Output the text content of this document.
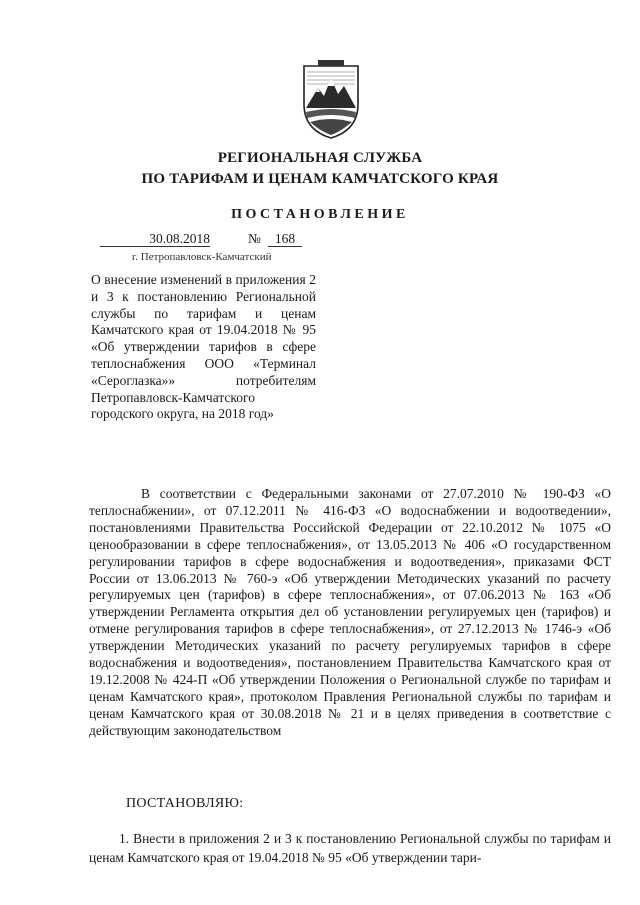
РЕГИОНАЛЬНАЯ СЛУЖБА
ПО ТАРИФАМ И ЦЕНАМ КАМЧАТСКОГО КРАЯ
ПОСТАНОВЛЕНИЕ
30.08.2018	№	168
г. Петропавловск-Камчатский
О внесение изменений в приложения 2 и 3 к постановлению Региональной службы по тарифам и ценам Камчатского края от 19.04.2018 № 95 «Об утверждении тарифов в сфере теплоснабжения ООО «Терминал «Сероглазка»» потребителям Петропавловск-Камчатского городского округа, на 2018 год»
В соответствии с Федеральными законами от 27.07.2010 № 190-ФЗ «О теплоснабжении», от 07.12.2011 № 416-ФЗ «О водоснабжении и водоотведении», постановлениями Правительства Российской Федерации от 22.10.2012 № 1075 «О ценообразовании в сфере теплоснабжения», от 13.05.2013 № 406 «О государственном регулировании тарифов в сфере водоснабжения и водоотведения», приказами ФСТ России от 13.06.2013 № 760-э «Об утверждении Методических указаний по расчету регулируемых цен (тарифов) в сфере теплоснабжения», от 07.06.2013 № 163 «Об утверждении Регламента открытия дел об установлении регулируемых цен (тарифов) и отмене регулирования тарифов в сфере теплоснабжения», от 27.12.2013 № 1746-э «Об утверждении Методических указаний по расчету регулируемых тарифов в сфере водоснабжения и водоотведения», постановлением Правительства Камчатского края от 19.12.2008 № 424-П «Об утверждении Положения о Региональной службе по тарифам и ценам Камчатского края», протоколом Правления Региональной службы по тарифам и ценам Камчатского края от 30.08.2018 № 21 и в целях приведения в соответствие с действующим законодательством
ПОСТАНОВЛЯЮ:
1. Внести в приложения 2 и 3 к постановлению Региональной службы по тарифам и ценам Камчатского края от 19.04.2018 № 95 «Об утверждении тари-
